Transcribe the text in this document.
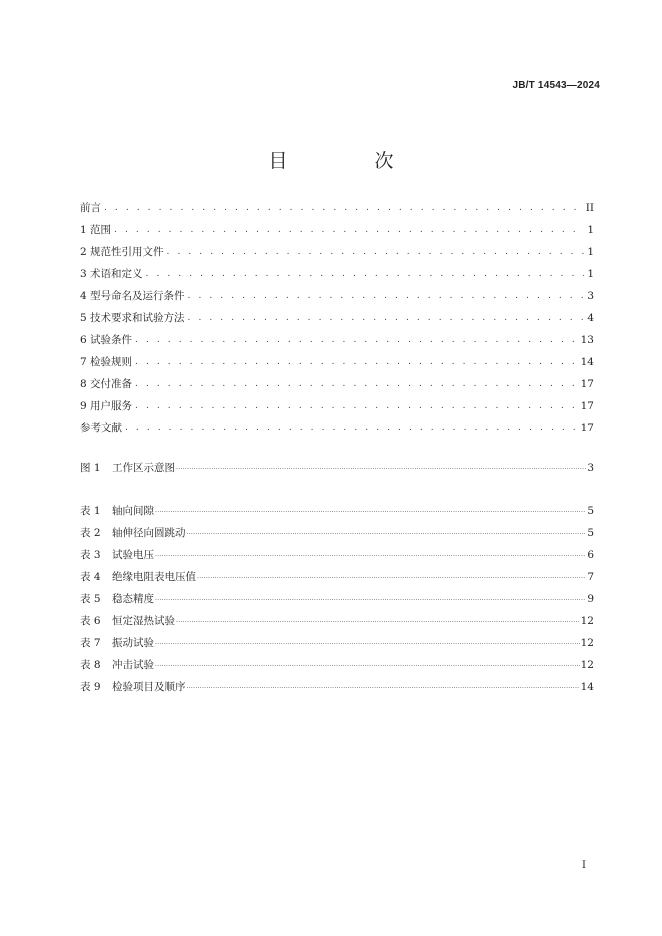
JB/T 14543—2024
目　次
前言 . . .	II
1 范围 . . .	1
2 规范性引用文件 . . .	1
3 术语和定义 . . .	1
4 型号命名及运行条件 . . .	3
5 技术要求和试验方法 . . .	4
6 试验条件 . . .	13
7 检验规则 . . .	14
8 交付准备 . . .	17
9 用户服务 . . .	17
参考文献 . . .	17
图 1 工作区示意图 .....	3
表 1 轴向间隙 .....	5
表 2 轴伸径向圆跳动 .....	5
表 3 试验电压 .....	6
表 4 绝缘电阻表电压值 .....	7
表 5 稳态精度 .....	9
表 6 恒定湿热试验 .....	12
表 7 振动试验 .....	12
表 8 冲击试验 .....	12
表 9 检验项目及顺序 .....	14
I
